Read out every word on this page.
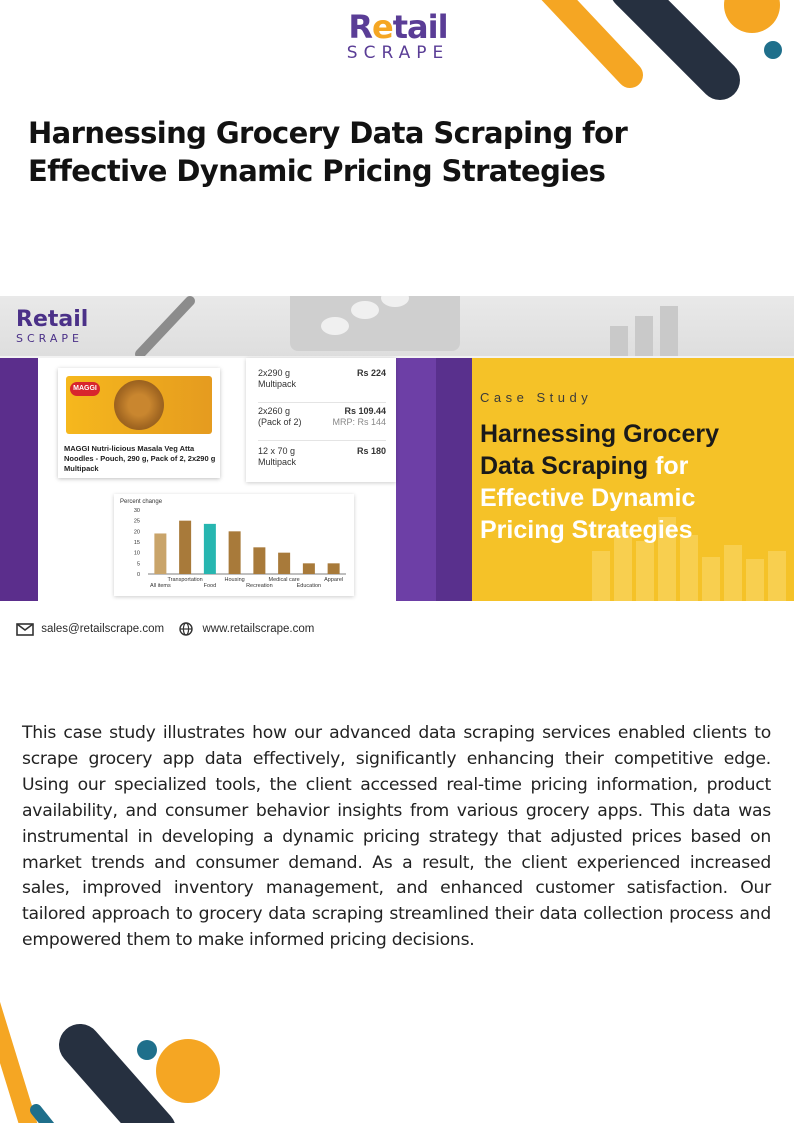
Retail
SCRAPE
Harnessing Grocery Data Scraping for Effective Dynamic Pricing Strategies
Retail
SCRAPE
Case Study
Harnessing Grocery Data Scraping for Effective Dynamic Pricing Strategies
MAGGI
MAGGI Nutri-licious Masala Veg Atta Noodles - Pouch, 290 g, Pack of 2, 2x290 g Multipack
2x290 g
Multipack
Rs 224
2x260 g
(Pack of 2)
Rs 109.44
MRP: Rs 144
12 x 70 g
Multipack
Rs 180
Percent change
0
5
10
15
20
25
30
All items
Transportation
Food
Housing
Recreation
Medical care
Education
Apparel
sales@retailscrape.com	www.retailscrape.com
This case study illustrates how our advanced data scraping services enabled clients to scrape grocery app data effectively, significantly enhancing their competitive edge. Using our specialized tools, the client accessed real-time pricing information, product availability, and consumer behavior insights from various grocery apps. This data was instrumental in developing a dynamic pricing strategy that adjusted prices based on market trends and consumer demand. As a result, the client experienced increased sales, improved inventory management, and enhanced customer satisfaction. Our tailored approach to grocery data scraping streamlined their data collection process and empowered them to make informed pricing decisions.
